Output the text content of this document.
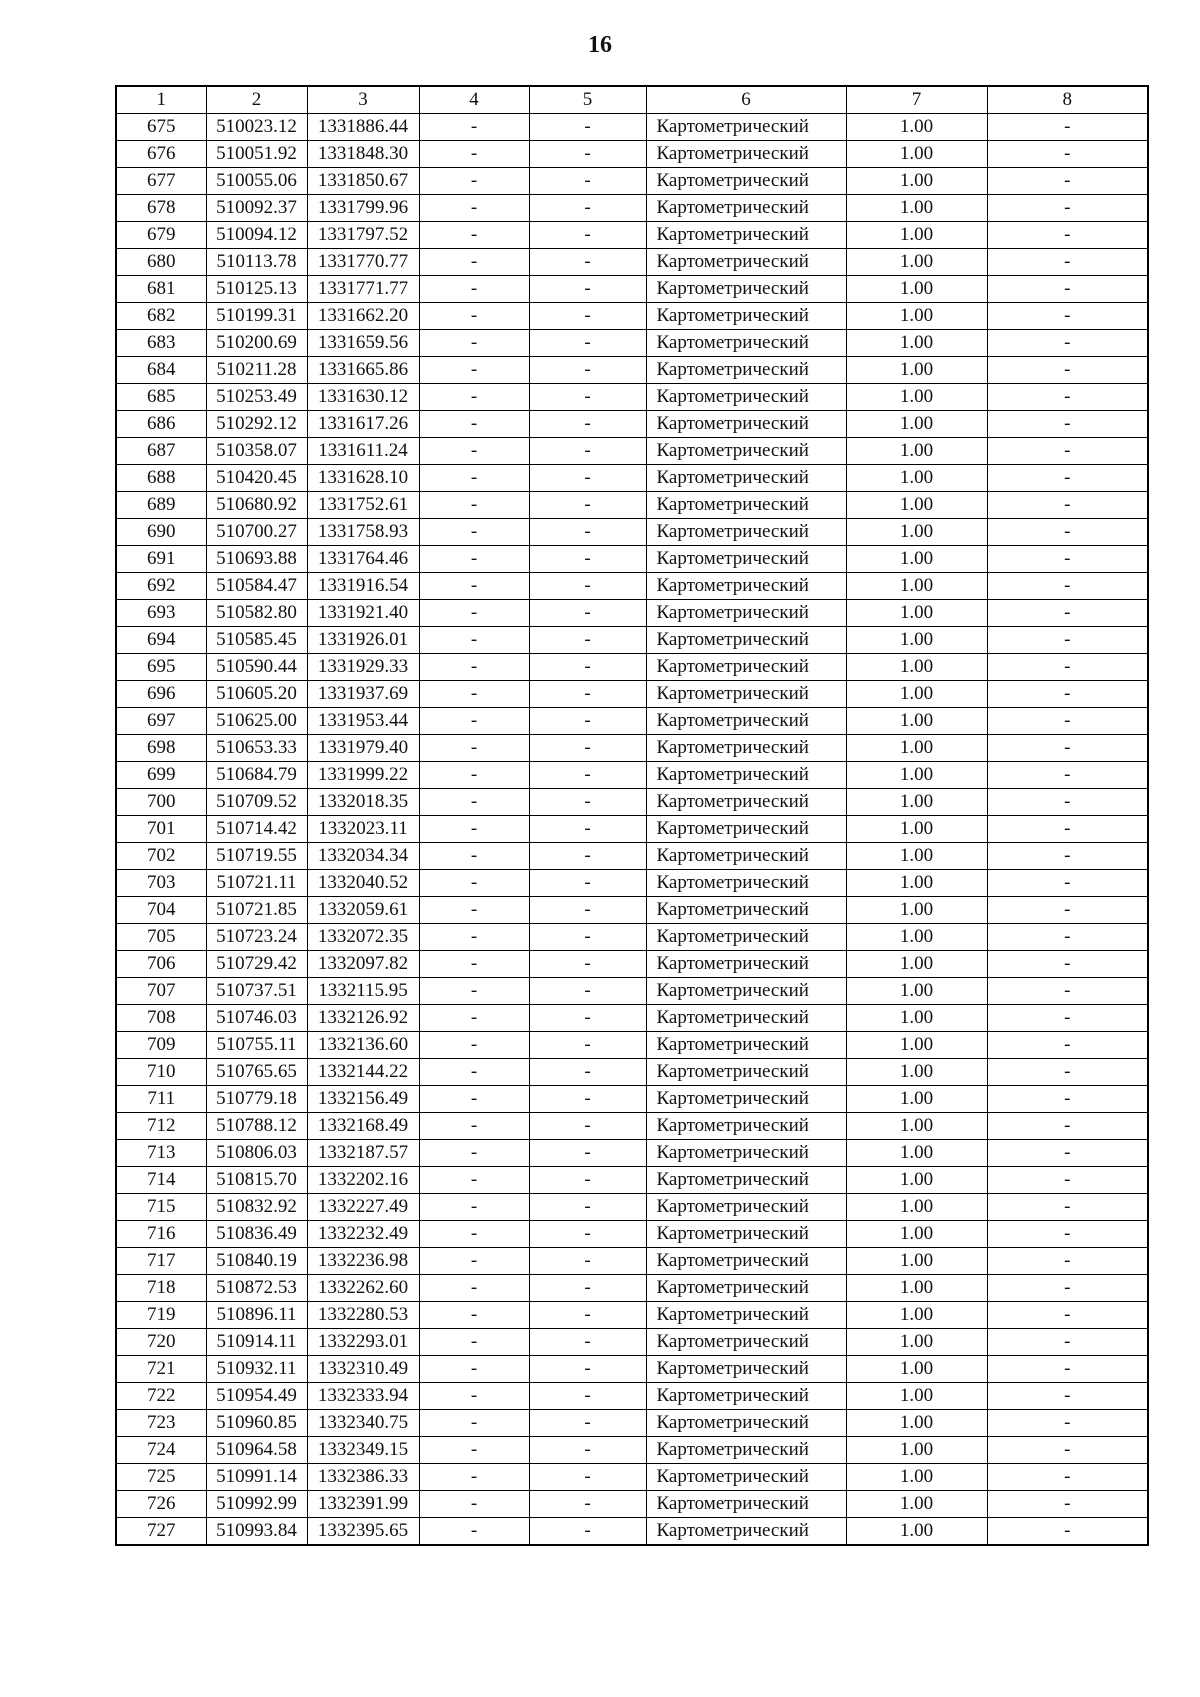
16
1	2	3	4	5	6	7	8
675	510023.12	1331886.44	-	-	Картометрический	1.00	-
676	510051.92	1331848.30	-	-	Картометрический	1.00	-
677	510055.06	1331850.67	-	-	Картометрический	1.00	-
678	510092.37	1331799.96	-	-	Картометрический	1.00	-
679	510094.12	1331797.52	-	-	Картометрический	1.00	-
680	510113.78	1331770.77	-	-	Картометрический	1.00	-
681	510125.13	1331771.77	-	-	Картометрический	1.00	-
682	510199.31	1331662.20	-	-	Картометрический	1.00	-
683	510200.69	1331659.56	-	-	Картометрический	1.00	-
684	510211.28	1331665.86	-	-	Картометрический	1.00	-
685	510253.49	1331630.12	-	-	Картометрический	1.00	-
686	510292.12	1331617.26	-	-	Картометрический	1.00	-
687	510358.07	1331611.24	-	-	Картометрический	1.00	-
688	510420.45	1331628.10	-	-	Картометрический	1.00	-
689	510680.92	1331752.61	-	-	Картометрический	1.00	-
690	510700.27	1331758.93	-	-	Картометрический	1.00	-
691	510693.88	1331764.46	-	-	Картометрический	1.00	-
692	510584.47	1331916.54	-	-	Картометрический	1.00	-
693	510582.80	1331921.40	-	-	Картометрический	1.00	-
694	510585.45	1331926.01	-	-	Картометрический	1.00	-
695	510590.44	1331929.33	-	-	Картометрический	1.00	-
696	510605.20	1331937.69	-	-	Картометрический	1.00	-
697	510625.00	1331953.44	-	-	Картометрический	1.00	-
698	510653.33	1331979.40	-	-	Картометрический	1.00	-
699	510684.79	1331999.22	-	-	Картометрический	1.00	-
700	510709.52	1332018.35	-	-	Картометрический	1.00	-
701	510714.42	1332023.11	-	-	Картометрический	1.00	-
702	510719.55	1332034.34	-	-	Картометрический	1.00	-
703	510721.11	1332040.52	-	-	Картометрический	1.00	-
704	510721.85	1332059.61	-	-	Картометрический	1.00	-
705	510723.24	1332072.35	-	-	Картометрический	1.00	-
706	510729.42	1332097.82	-	-	Картометрический	1.00	-
707	510737.51	1332115.95	-	-	Картометрический	1.00	-
708	510746.03	1332126.92	-	-	Картометрический	1.00	-
709	510755.11	1332136.60	-	-	Картометрический	1.00	-
710	510765.65	1332144.22	-	-	Картометрический	1.00	-
711	510779.18	1332156.49	-	-	Картометрический	1.00	-
712	510788.12	1332168.49	-	-	Картометрический	1.00	-
713	510806.03	1332187.57	-	-	Картометрический	1.00	-
714	510815.70	1332202.16	-	-	Картометрический	1.00	-
715	510832.92	1332227.49	-	-	Картометрический	1.00	-
716	510836.49	1332232.49	-	-	Картометрический	1.00	-
717	510840.19	1332236.98	-	-	Картометрический	1.00	-
718	510872.53	1332262.60	-	-	Картометрический	1.00	-
719	510896.11	1332280.53	-	-	Картометрический	1.00	-
720	510914.11	1332293.01	-	-	Картометрический	1.00	-
721	510932.11	1332310.49	-	-	Картометрический	1.00	-
722	510954.49	1332333.94	-	-	Картометрический	1.00	-
723	510960.85	1332340.75	-	-	Картометрический	1.00	-
724	510964.58	1332349.15	-	-	Картометрический	1.00	-
725	510991.14	1332386.33	-	-	Картометрический	1.00	-
726	510992.99	1332391.99	-	-	Картометрический	1.00	-
727	510993.84	1332395.65	-	-	Картометрический	1.00	-
